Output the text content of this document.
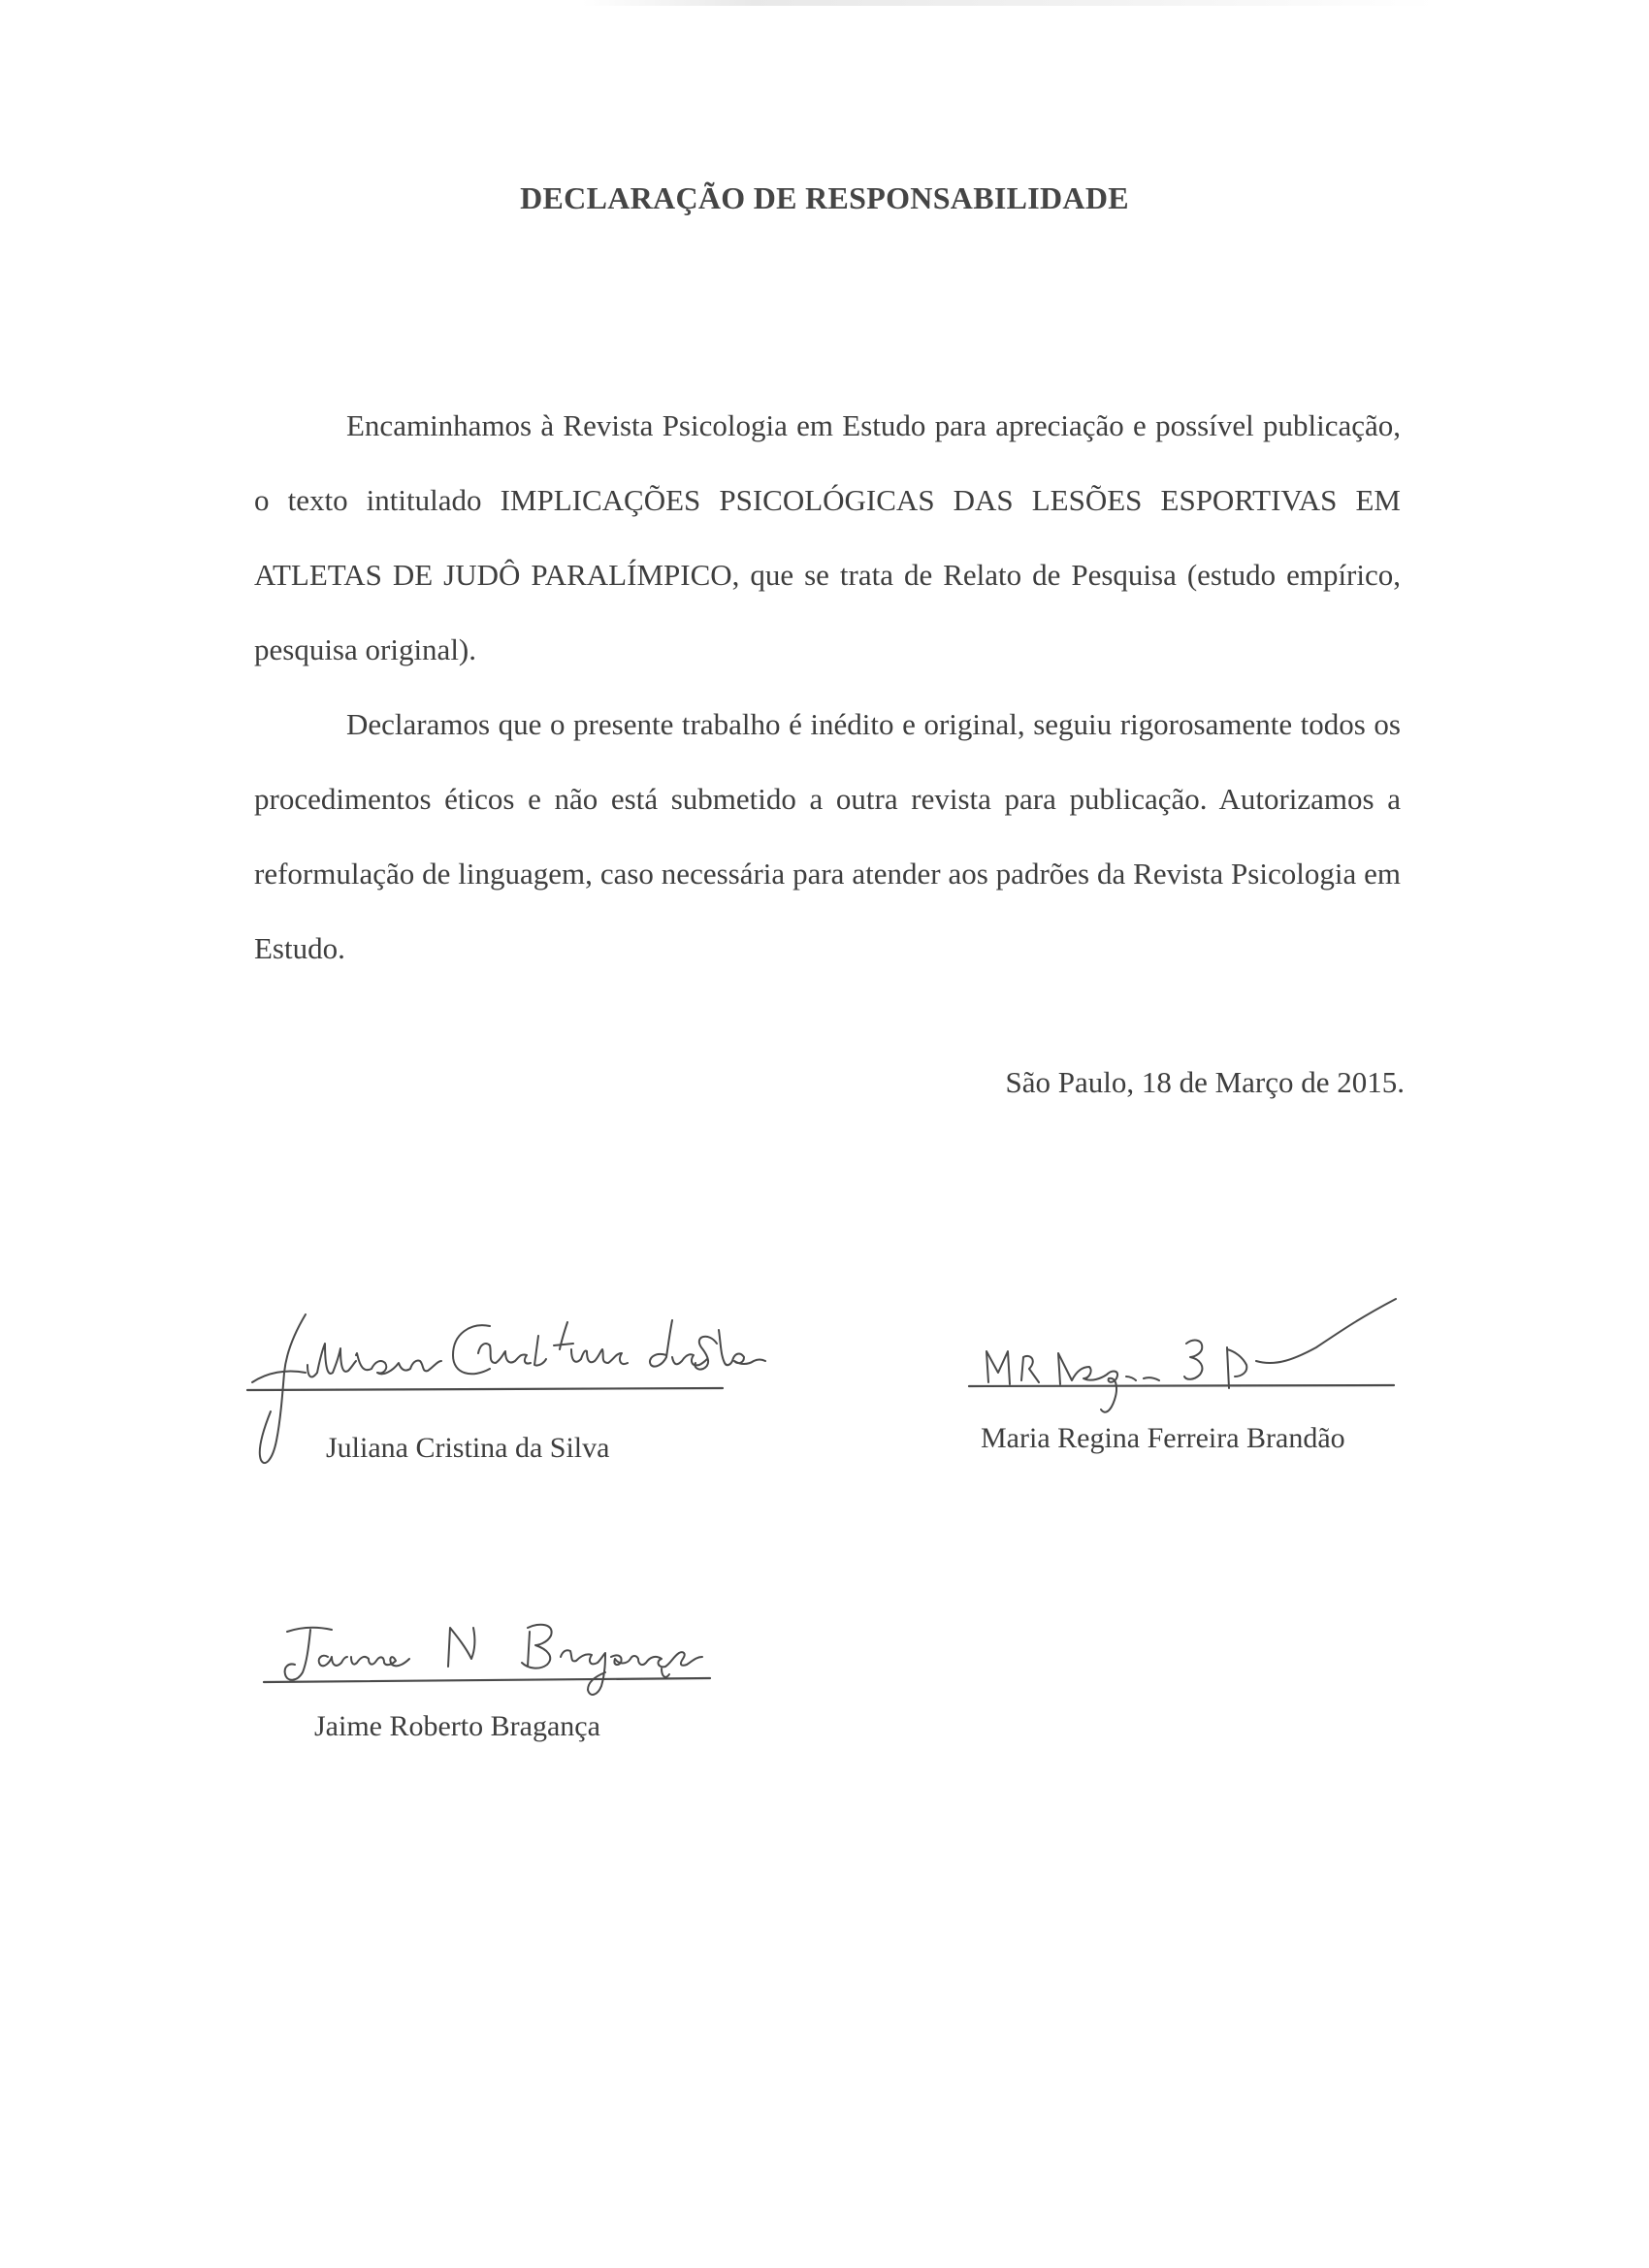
DECLARAÇÃO DE RESPONSABILIDADE
Encaminhamos à Revista Psicologia em Estudo para apreciação e possível publicação, o texto intitulado IMPLICAÇÕES PSICOLÓGICAS DAS LESÕES ESPORTIVAS EM ATLETAS DE JUDÔ PARALÍMPICO, que se trata de Relato de Pesquisa (estudo empírico, pesquisa original).
Declaramos que o presente trabalho é inédito e original, seguiu rigorosamente todos os procedimentos éticos e não está submetido a outra revista para publicação. Autorizamos a reformulação de linguagem, caso necessária para atender aos padrões da Revista Psicologia em Estudo.
São Paulo, 18 de Março de 2015.
Juliana Cristina da Silva	Maria Regina Ferreira Brandão
Jaime Roberto Bragança
